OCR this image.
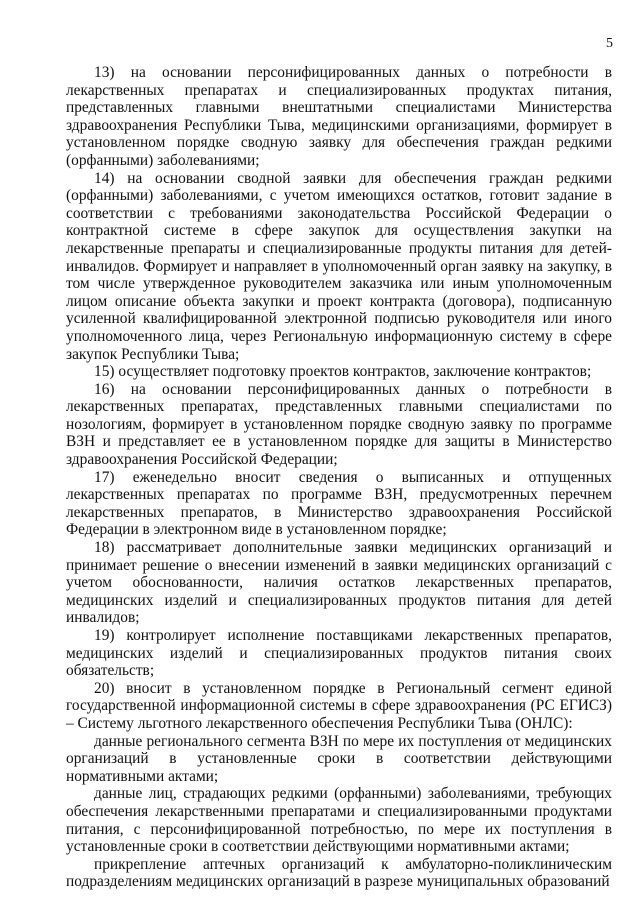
5

13) на основании персонифицированных данных о потребности в лекарственных препаратах и специализированных продуктах питания, представленных главными внештатными специалистами Министерства здравоохранения Республики Тыва, медицинскими организациями, формирует в установленном порядке сводную заявку для обеспечения граждан редкими (орфанными) заболеваниями;

14) на основании сводной заявки для обеспечения граждан редкими (орфанными) заболеваниями, с учетом имеющихся остатков, готовит задание в соответствии с требованиями законодательства Российской Федерации о контрактной системе в сфере закупок для осуществления закупки на лекарственные препараты и специализированные продукты питания для детей-инвалидов. Формирует и направляет в уполномоченный орган заявку на закупку, в том числе утвержденное руководителем заказчика или иным уполномоченным лицом описание объекта закупки и проект контракта (договора), подписанную усиленной квалифицированной электронной подписью руководителя или иного уполномоченного лица, через Региональную информационную систему в сфере закупок Республики Тыва;

15) осуществляет подготовку проектов контрактов, заключение контрактов;

16) на основании персонифицированных данных о потребности в лекарственных препаратах, представленных главными специалистами по нозологиям, формирует в установленном порядке сводную заявку по программе ВЗН и представляет ее в установленном порядке для защиты в Министерство здравоохранения Российской Федерации;

17) еженедельно вносит сведения о выписанных и отпущенных лекарственных препаратах по программе ВЗН, предусмотренных перечнем лекарственных препаратов, в Министерство здравоохранения Российской Федерации в электронном виде в установленном порядке;

18) рассматривает дополнительные заявки медицинских организаций и принимает решение о внесении изменений в заявки медицинских организаций с учетом обоснованности, наличия остатков лекарственных препаратов, медицинских изделий и специализированных продуктов питания для детей инвалидов;

19) контролирует исполнение поставщиками лекарственных препаратов, медицинских изделий и специализированных продуктов питания своих обязательств;

20) вносит в установленном порядке в Региональный сегмент единой государственной информационной системы в сфере здравоохранения (РС ЕГИСЗ) – Систему льготного лекарственного обеспечения Республики Тыва (ОНЛС):

данные регионального сегмента ВЗН по мере их поступления от медицинских организаций в установленные сроки в соответствии действующими нормативными актами;

данные лиц, страдающих редкими (орфанными) заболеваниями, требующих обеспечения лекарственными препаратами и специализированными продуктами питания, с персонифицированной потребностью, по мере их поступления в установленные сроки в соответствии действующими нормативными актами;

прикрепление аптечных организаций к амбулаторно-поликлиническим подразделениям медицинских организаций в разрезе муниципальных образований
